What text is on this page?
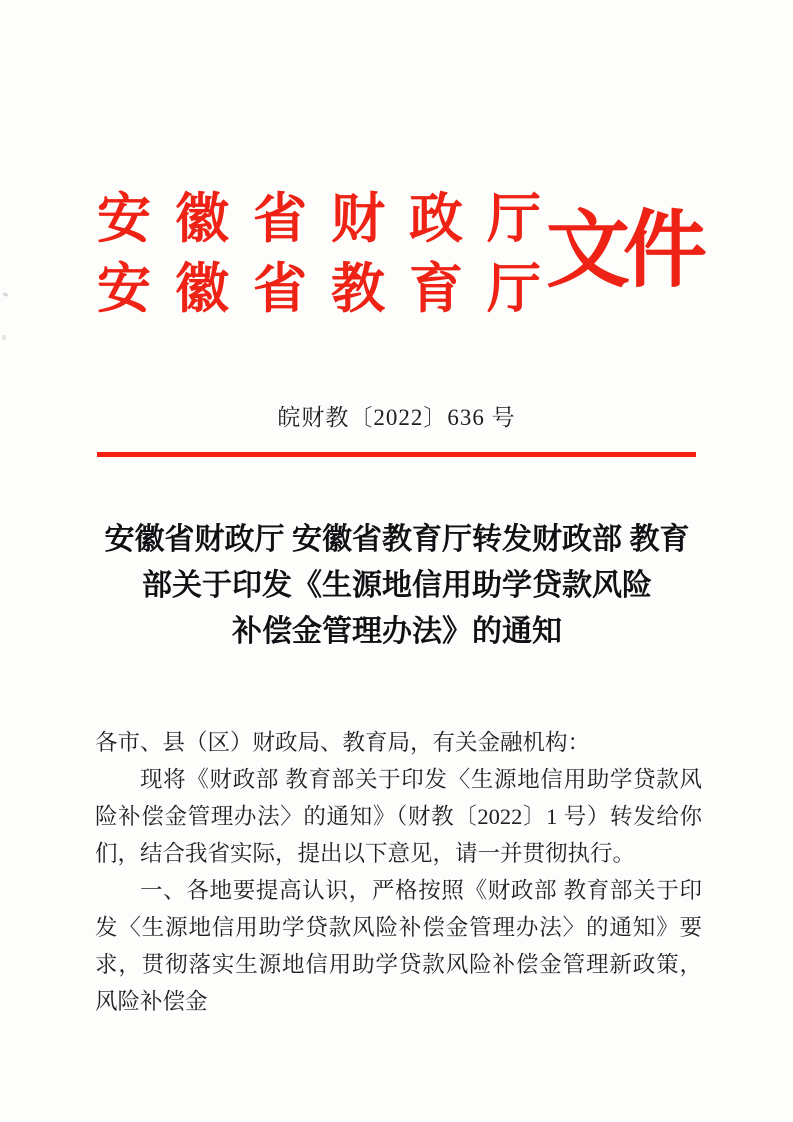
安徽省财政厅
安徽省教育厅
文件
皖财教〔2022〕636 号
安徽省财政厅 安徽省教育厅转发财政部 教育
部关于印发《生源地信用助学贷款风险
补偿金管理办法》的通知

各市、县（区）财政局、教育局，有关金融机构：

现将《财政部 教育部关于印发〈生源地信用助学贷款风险补偿金管理办法〉的通知》（财教〔2022〕1 号）转发给你们，结合我省实际，提出以下意见，请一并贯彻执行。

一、各地要提高认识，严格按照《财政部 教育部关于印发〈生源地信用助学贷款风险补偿金管理办法〉的通知》要求，贯彻落实生源地信用助学贷款风险补偿金管理新政策，风险补偿金
